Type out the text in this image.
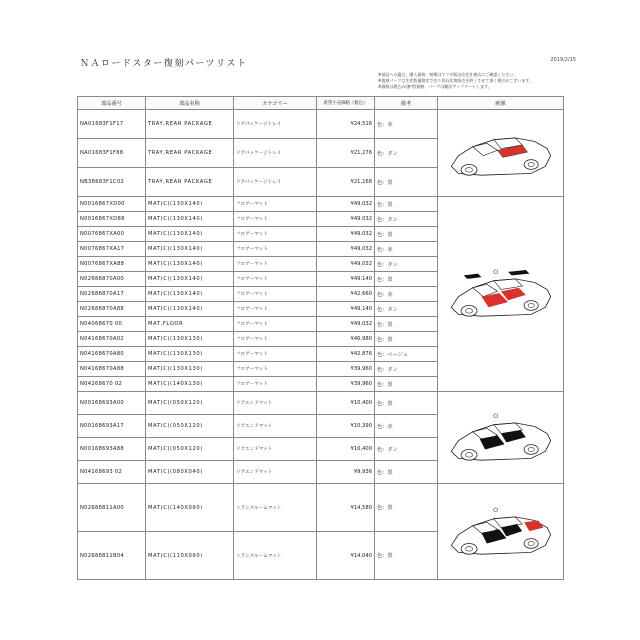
ＮＡロードスター復刻パーツリスト	2019/2/15
※部品への適合、購入価格、納期はマツダ販売店会社様店にご確認ください。
※復刻パーツは生産数量限定で売り切れ次第販売を終了させて頂く場合がございます。
※価格は税込み(参考)価格、パーツは順次アップデートします。
部品番号	部品名称	カテゴリー	希望小売価格（税込）	備考	画像
NA01683F1F17	TRAY,REAR PACKAGE	リアパッケージトレイ	¥24,516	色：赤	

NA01683F1F88	TRAY,REAR PACKAGE	リアパッケージトレイ	¥21,276	色：タン	
NB38683F1C02	TRAY,REAR PACKAGE	リアパッケージトレイ	¥21,168	色：黒	
N0016867XD00	MAT(C)(130X140)	フロアーマット	¥49,032	色：黒	

N0016867XD88	MAT(C)(130X140)	フロアーマット	¥49,032	色：タン	
N0076867XA00	MAT(C)(130X140)	フロアーマット	¥49,032	色：黒	
N0076867XA17	MAT(C)(130X140)	フロアーマット	¥49,032	色：赤	
N0076867XA88	MAT(C)(130X140)	フロアーマット	¥49,032	色：タン	
N02686870A00	MAT(C)(130X140)	フロアーマット	¥49,140	色：黒	
N02686870A17	MAT(C)(130X140)	フロアーマット	¥42,660	色：赤	
N02686870A88	MAT(C)(130X140)	フロアーマット	¥49,140	色：タン	
N04068670 00	MAT,FLOOR	フロアーマット	¥49,032	色：黒	
N04168670A02	MAT(C)(130X130)	フロアーマット	¥46,980	色：黒	
N04168670A80	MAT(C)(130X130)	フロアーマット	¥42,876	色：ベージュ	
N04168670A88	MAT(C)(130X130)	フロアーマット	¥39,960	色：タン	
N04268670 02	MAT(C)(140X130)	フロアーマット	¥39,960	色：黒	
N00168693A00	MAT(C)(050X120)	リアエンドマット	¥10,400	色：黒	

N00168693A17	MAT(C)(050X120)	リアエンドマット	¥10,390	色：赤	
N00168693A88	MAT(C)(050X120)	リアエンドマット	¥10,400	色：タン	
N04168693 02	MAT(C)(080X040)	リアエンドマット	¥9,936	色：黒	
N02686811A00	MAT(C)(140X060)	トランクルームマット	¥14,580	色：黒	

N02686811B04	MAT(C)(110X060)	トランクルームマット	¥14,040	色：黒	
